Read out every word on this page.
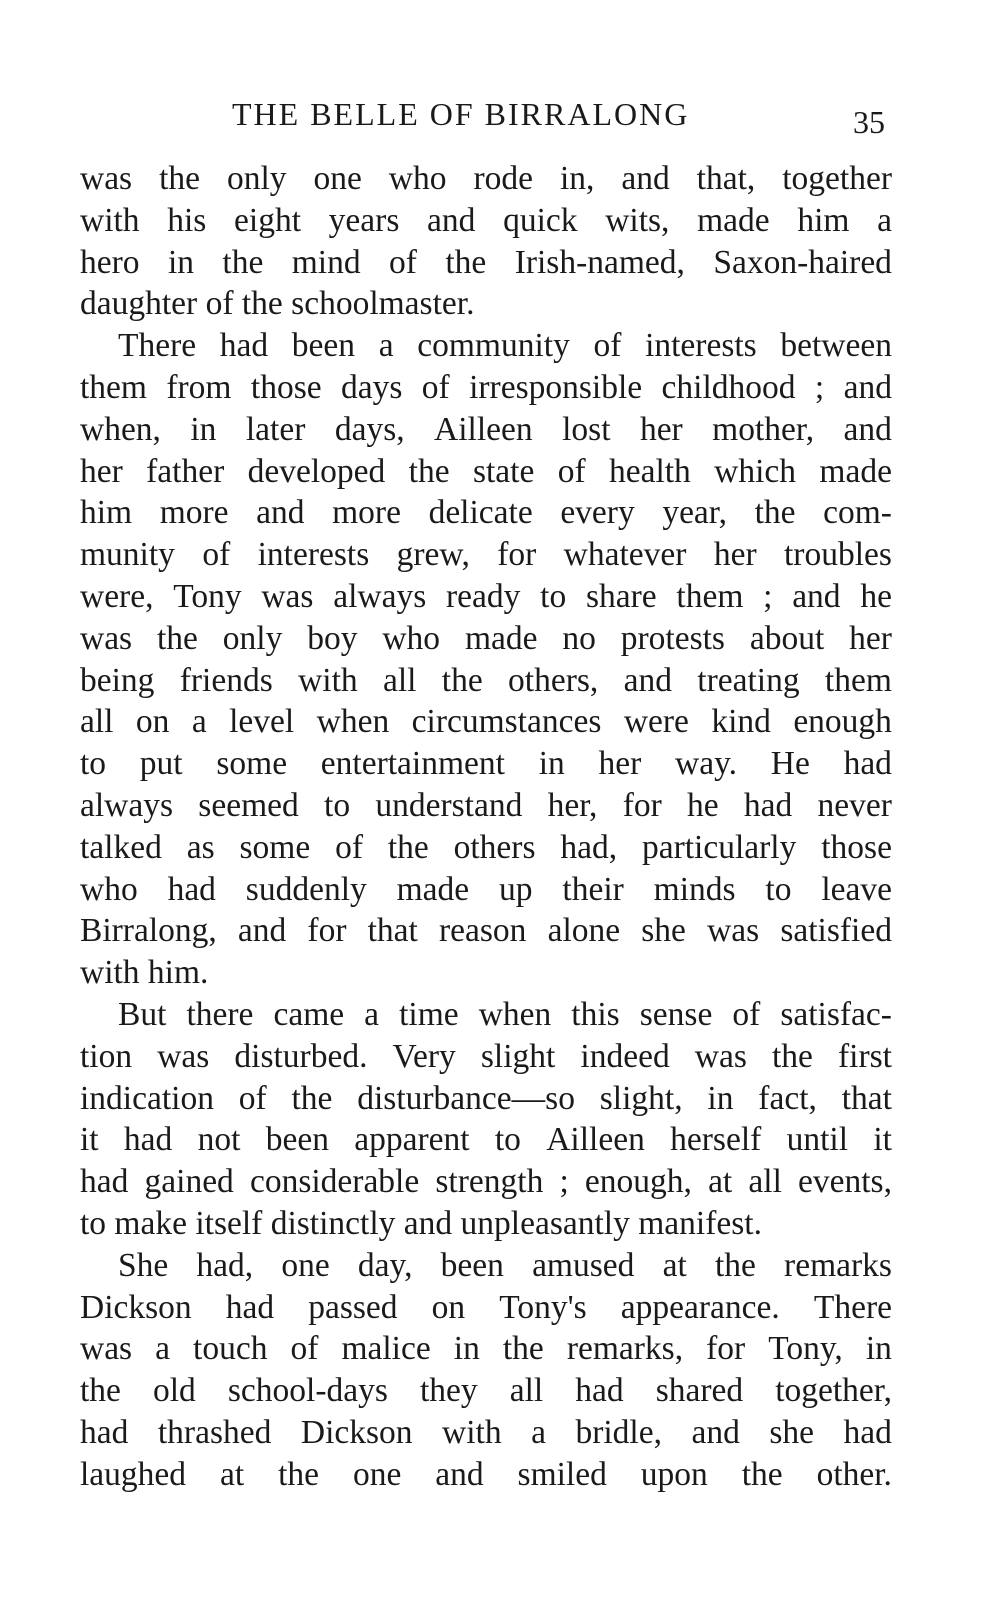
THE BELLE OF BIRRALONG	35
was the only one who rode in, and that, together
with his eight years and quick wits, made him a
hero in the mind of the Irish-named, Saxon-haired
daughter of the schoolmaster.
There had been a community of interests between
them from those days of irresponsible childhood ; and
when, in later days, Ailleen lost her mother, and
her father developed the state of health which made
him more and more delicate every year, the com-
munity of interests grew, for whatever her troubles
were, Tony was always ready to share them ; and he
was the only boy who made no protests about her
being friends with all the others, and treating them
all on a level when circumstances were kind enough
to put some entertainment in her way. He had
always seemed to understand her, for he had never
talked as some of the others had, particularly those
who had suddenly made up their minds to leave
Birralong, and for that reason alone she was satisfied
with him.
But there came a time when this sense of satisfac-
tion was disturbed. Very slight indeed was the first
indication of the disturbance—so slight, in fact, that
it had not been apparent to Ailleen herself until it
had gained considerable strength ; enough, at all events,
to make itself distinctly and unpleasantly manifest.
She had, one day, been amused at the remarks
Dickson had passed on Tony's appearance. There
was a touch of malice in the remarks, for Tony, in
the old school-days they all had shared together,
had thrashed Dickson with a bridle, and she had
laughed at the one and smiled upon the other.
